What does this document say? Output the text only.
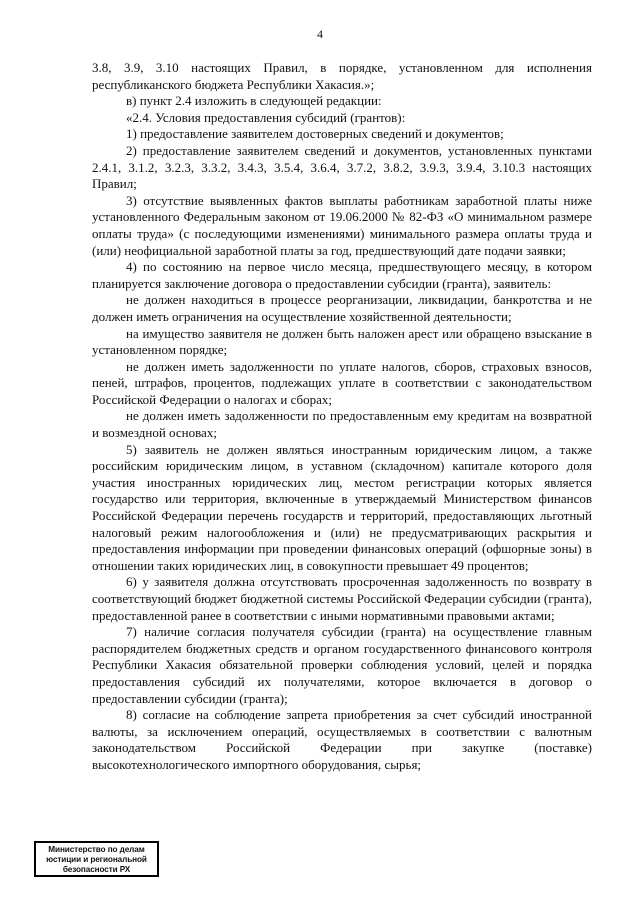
4

3.8, 3.9, 3.10 настоящих Правил, в порядке, установленном для исполнения республиканского бюджета Республики Хакасия.»;

в) пункт 2.4 изложить в следующей редакции:

«2.4. Условия предоставления субсидий (грантов):

1) предоставление заявителем достоверных сведений и документов;

2) предоставление заявителем сведений и документов, установленных пунктами 2.4.1, 3.1.2, 3.2.3, 3.3.2, 3.4.3, 3.5.4, 3.6.4, 3.7.2, 3.8.2, 3.9.3, 3.9.4, 3.10.3 настоящих Правил;

3) отсутствие выявленных фактов выплаты работникам заработной платы ниже установленного Федеральным законом от 19.06.2000 № 82-ФЗ «О минимальном размере оплаты труда» (с последующими изменениями) минимального размера оплаты труда и (или) неофициальной заработной платы за год, предшествующий дате подачи заявки;

4) по состоянию на первое число месяца, предшествующего месяцу, в котором планируется заключение договора о предоставлении субсидии (гранта), заявитель:

не должен находиться в процессе реорганизации, ликвидации, банкротства и не должен иметь ограничения на осуществление хозяйственной деятельности;

на имущество заявителя не должен быть наложен арест или обращено взыскание в установленном порядке;

не должен иметь задолженности по уплате налогов, сборов, страховых взносов, пеней, штрафов, процентов, подлежащих уплате в соответствии с законодательством Российской Федерации о налогах и сборах;

не должен иметь задолженности по предоставленным ему кредитам на возвратной и возмездной основах;

5) заявитель не должен являться иностранным юридическим лицом, а также российским юридическим лицом, в уставном (складочном) капитале которого доля участия иностранных юридических лиц, местом регистрации которых является государство или территория, включенные в утверждаемый Министерством финансов Российской Федерации перечень государств и территорий, предоставляющих льготный налоговый режим налогообложения и (или) не предусматривающих раскрытия и предоставления информации при проведении финансовых операций (офшорные зоны) в отношении таких юридических лиц, в совокупности превышает 49 процентов;

6) у заявителя должна отсутствовать просроченная задолженность по возврату в соответствующий бюджет бюджетной системы Российской Федерации субсидии (гранта), предоставленной ранее в соответствии с иными нормативными правовыми актами;

7) наличие согласия получателя субсидии (гранта) на осуществление главным распорядителем бюджетных средств и органом государственного финансового контроля Республики Хакасия обязательной проверки соблюдения условий, целей и порядка предоставления субсидий их получателями, которое включается в договор о предоставлении субсидии (гранта);

8) согласие на соблюдение запрета приобретения за счет субсидий иностранной валюты, за исключением операций, осуществляемых в соответствии с валютным законодательством Российской Федерации при закупке (поставке) высокотехнологического импортного оборудования, сырья;

Министерство по делам
юстиции и региональной
безопасности РХ
